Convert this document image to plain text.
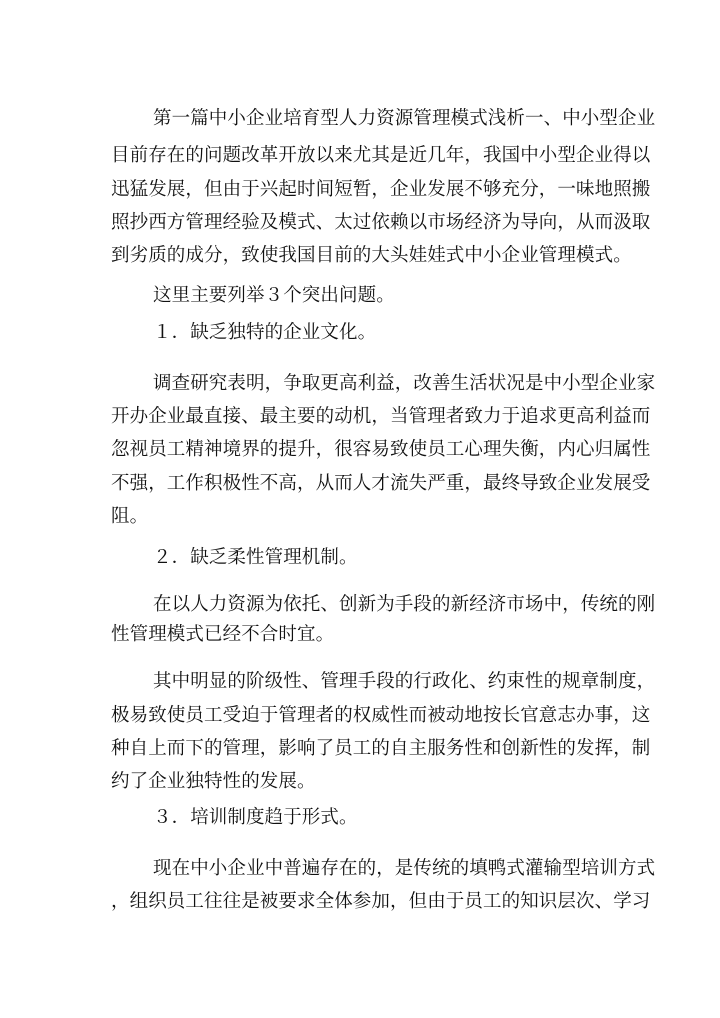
第一篇中小企业培育型人力资源管理模式浅析一、中小型企业
目前存在的问题改革开放以来尤其是近几年，我国中小型企业得以
迅猛发展，但由于兴起时间短暂，企业发展不够充分，一味地照搬
照抄西方管理经验及模式、太过依赖以市场经济为导向，从而汲取
到劣质的成分，致使我国目前的大头娃娃式中小企业管理模式。
这里主要列举３个突出问题。
１．缺乏独特的企业文化。
调查研究表明，争取更高利益，改善生活状况是中小型企业家
开办企业最直接、最主要的动机，当管理者致力于追求更高利益而
忽视员工精神境界的提升，很容易致使员工心理失衡，内心归属性
不强，工作积极性不高，从而人才流失严重，最终导致企业发展受
阻。
２．缺乏柔性管理机制。
在以人力资源为依托、创新为手段的新经济市场中，传统的刚
性管理模式已经不合时宜。
其中明显的阶级性、管理手段的行政化、约束性的规章制度，
极易致使员工受迫于管理者的权威性而被动地按长官意志办事，这
种自上而下的管理，影响了员工的自主服务性和创新性的发挥，制
约了企业独特性的发展。
３．培训制度趋于形式。
现在中小企业中普遍存在的，是传统的填鸭式灌输型培训方式
，组织员工往往是被要求全体参加，但由于员工的知识层次、学习
